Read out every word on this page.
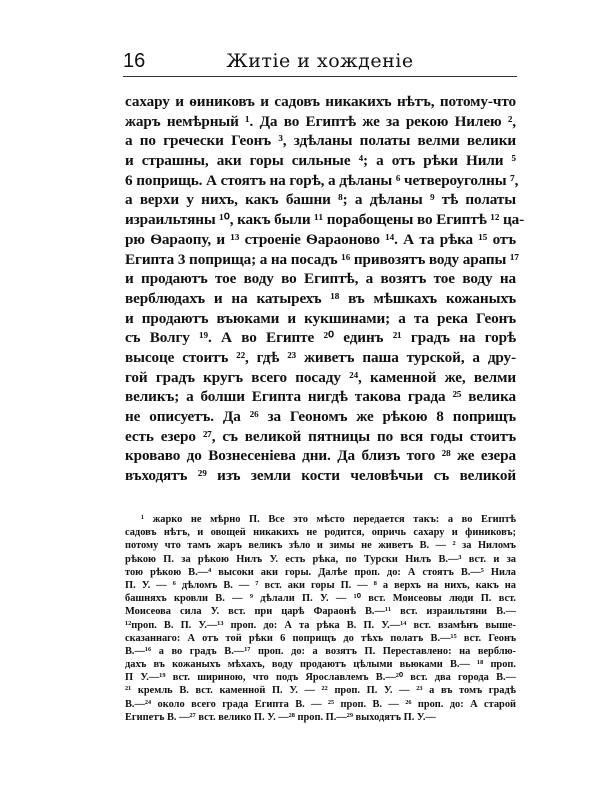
16	Житіе и хожденіе
сахару и ѳиниковъ и садовъ никакихъ нѣтъ, потому-что
жаръ немѣрный ¹. Да во Египтѣ же за рекою Нилею ²,
а по гречески Геонъ ³, здѣланы полаты велми велики
и страшны, аки горы сильные ⁴; а отъ рѣки Нили ⁵
6 поприщь. А стоятъ на горѣ, а дѣланы ⁶ четвероуголны ⁷,
а верхи у нихъ, какъ башни ⁸; а дѣланы ⁹ тѣ полаты
израильтяны ¹⁰, какъ были ¹¹ порабощены во Египтѣ ¹² ца-
рю Ѳараопу, и ¹³ строеніе Ѳараоново ¹⁴. А та рѣка ¹⁵ отъ
Египта 3 поприща; а на посадъ ¹⁶ привозятъ воду арапы ¹⁷
и продаютъ тое воду во Египтѣ, а возятъ тое воду на
верблюдахъ и на катырехъ ¹⁸ въ мѣшкахъ кожаныхъ
и продаютъ въюками и кукшинами; а та река Геонъ
съ Волгу ¹⁹. А во Египте ²⁰ единъ ²¹ градъ на горѣ
высоце стоитъ ²², гдѣ ²³ живетъ паша турской, а дру-
гой градъ кругъ всего посаду ²⁴, каменной же, велми
великъ; а болши Египта нигдѣ такова града ²⁵ велика
не описуетъ. Да ²⁶ за Геономъ же рѣкою 8 поприщъ
есть езеро ²⁷, съ великой пятницы по вся годы стоитъ
кроваво до Вознесеніева дни. Да близъ того ²⁸ же езера
въходятъ ²⁹ изъ земли кости человѣчьи съ великой
¹ жарко не мѣрно П. Все это мѣсто передается такъ: а во Египтѣ
садовъ нѣтъ, и овощей никакихъ не родится, опричь сахару и финиковъ;
потому что тамъ жаръ великъ зѣло и зимы не живетъ В. — ² за Ниломъ
рѣкою П. за рѣкою Нилъ У. есть рѣка, по Турски Нилъ В.—³ вст. и за
тою рѣкою В.—⁴ высоки аки горы. Далѣе проп. до: А стоятъ В.—⁵ Нила
П. У. — ⁶ дѣломъ В. — ⁷ вст. аки горы П. — ⁸ а верхъ на нихъ, какъ на
башняхъ кровли В. — ⁹ дѣлали П. У. — ¹⁰ вст. Моисеовы люди П. вст.
Моисеова сила У. вст. при царѣ Фараонѣ В.—¹¹ вст. израильтяни В.—
¹²проп. В. П. У.—¹³ проп. до: А та рѣка В. П. У.—¹⁴ вст. взамѣнъ выше-
сказаннаго: А отъ той рѣки 6 поприщъ до тѣхъ полатъ В.—¹⁵ вст. Геонъ
В.—¹⁶ а во градъ В.—¹⁷ проп. до: а возятъ П. Переставлено: на верблю-
дахъ въ кожаныхъ мѣхахъ, воду продаютъ цѣлыми вьюками В.— ¹⁸ проп.
П У.—¹⁹ вст. шириною, что подъ Ярославлемъ В.—²⁰ вст. два города В.—
²¹ кремль В. вст. каменной П. У. — ²² проп. П. У. — ²³ а въ томъ градѣ
В.—²⁴ около всего града Египта В. — ²⁵ проп. В. — ²⁶ проп. до: А старой
Египетъ В. —²⁷ вст. велико П. У. —²⁸ проп. П.—²⁹ выходятъ П. У.—
